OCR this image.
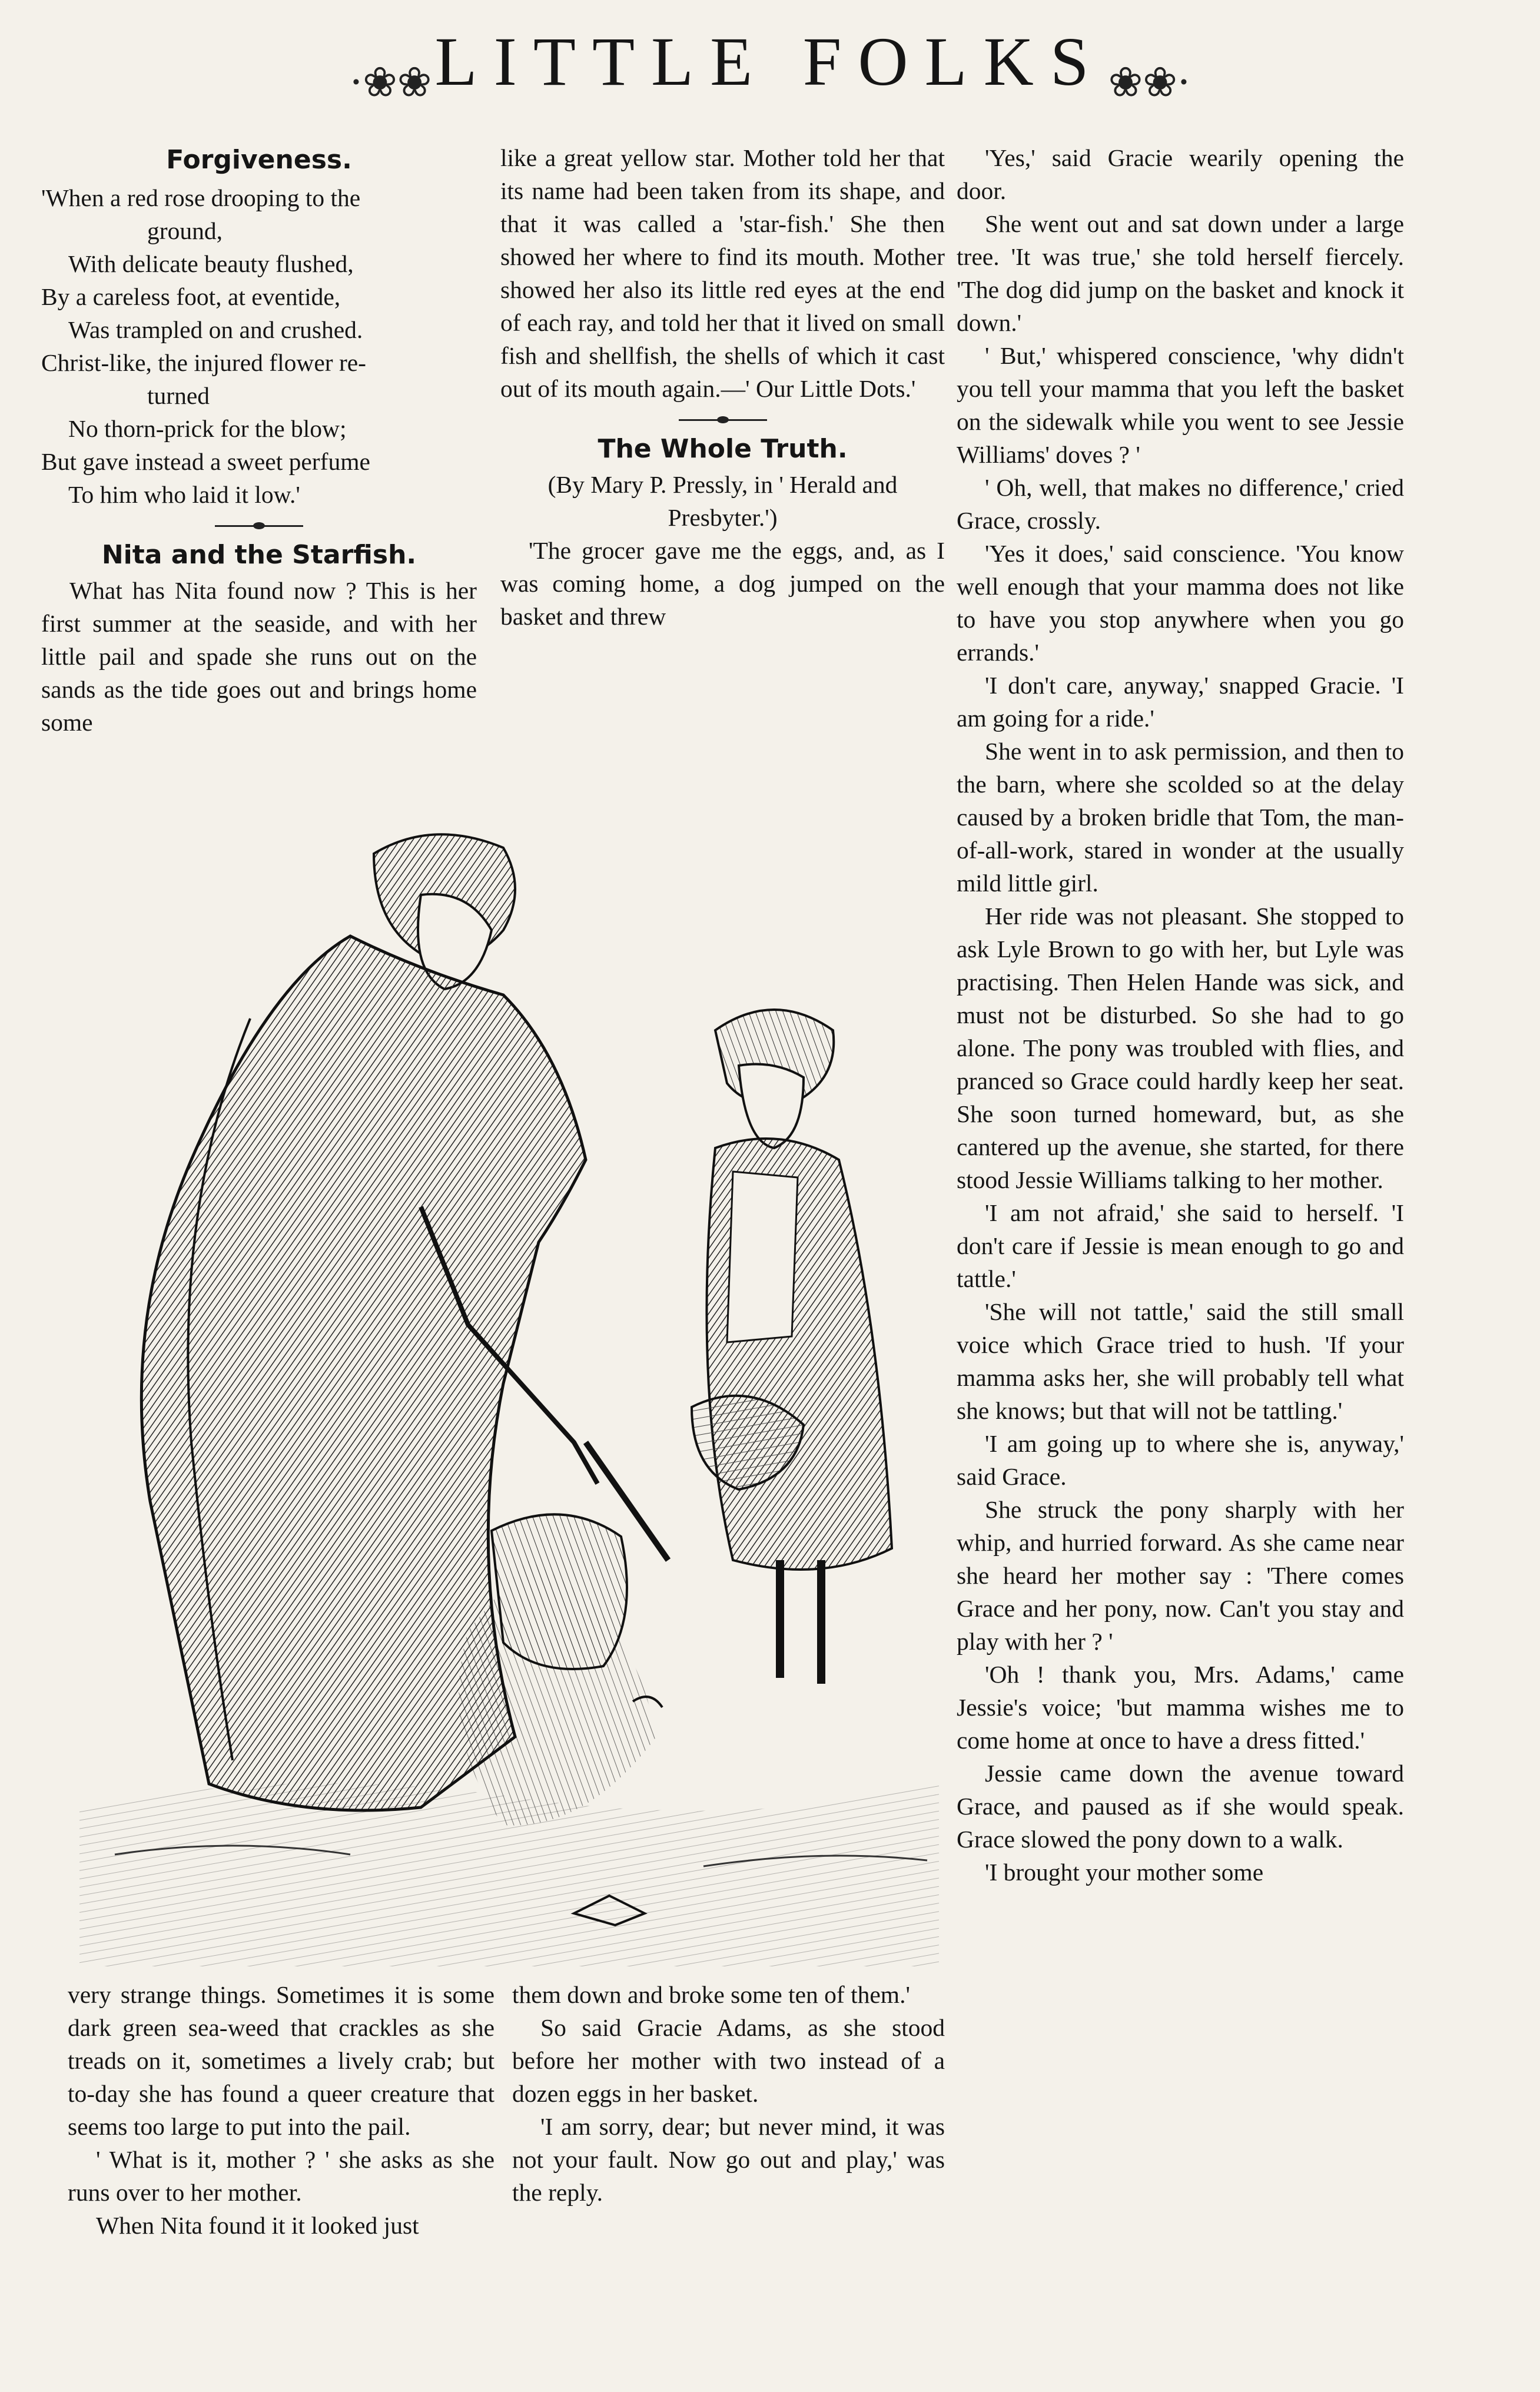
·❀❀ LITTLE FOLKS ❀❀·
Forgiveness.
'When a red rose drooping to the
ground,
With delicate beauty flushed,
By a careless foot, at eventide,
Was trampled on and crushed.
Christ-like, the injured flower re-
turned
No thorn-prick for the blow;
But gave instead a sweet perfume
To him who laid it low.'
Nita and the Starfish.

What has Nita found now ? This is her first summer at the seaside, and with her little pail and spade she runs out on the sands as the tide goes out and brings home some

like a great yellow star. Mother told her that its name had been taken from its shape, and that it was called a 'star-fish.' She then showed her where to find its mouth. Mother showed her also its little red eyes at the end of each ray, and told her that it lived on small fish and shellfish, the shells of which it cast out of its mouth again.—' Our Little Dots.'

The Whole Truth.

(By Mary P. Pressly, in ' Herald and Presbyter.')

'The grocer gave me the eggs, and, as I was coming home, a dog jumped on the basket and threw

very strange things. Sometimes it is some dark green sea-weed that crackles as she treads on it, sometimes a lively crab; but to-day she has found a queer creature that seems too large to put into the pail.

' What is it, mother ? ' she asks as she runs over to her mother.

When Nita found it it looked just

them down and broke some ten of them.'

So said Gracie Adams, as she stood before her mother with two instead of a dozen eggs in her basket.

'I am sorry, dear; but never mind, it was not your fault. Now go out and play,' was the reply.

'Yes,' said Gracie wearily opening the door.

She went out and sat down under a large tree. 'It was true,' she told herself fiercely. 'The dog did jump on the basket and knock it down.'

' But,' whispered conscience, 'why didn't you tell your mamma that you left the basket on the sidewalk while you went to see Jessie Williams' doves ? '

' Oh, well, that makes no difference,' cried Grace, crossly.

'Yes it does,' said conscience. 'You know well enough that your mamma does not like to have you stop anywhere when you go errands.'

'I don't care, anyway,' snapped Gracie. 'I am going for a ride.'

She went in to ask permission, and then to the barn, where she scolded so at the delay caused by a broken bridle that Tom, the man-of-all-work, stared in wonder at the usually mild little girl.

Her ride was not pleasant. She stopped to ask Lyle Brown to go with her, but Lyle was practising. Then Helen Hande was sick, and must not be disturbed. So she had to go alone. The pony was troubled with flies, and pranced so Grace could hardly keep her seat. She soon turned homeward, but, as she cantered up the avenue, she started, for there stood Jessie Williams talking to her mother.

'I am not afraid,' she said to herself. 'I don't care if Jessie is mean enough to go and tattle.'

'She will not tattle,' said the still small voice which Grace tried to hush. 'If your mamma asks her, she will probably tell what she knows; but that will not be tattling.'

'I am going up to where she is, anyway,' said Grace.

She struck the pony sharply with her whip, and hurried forward. As she came near she heard her mother say : 'There comes Grace and her pony, now. Can't you stay and play with her ? '

'Oh ! thank you, Mrs. Adams,' came Jessie's voice; 'but mamma wishes me to come home at once to have a dress fitted.'

Jessie came down the avenue toward Grace, and paused as if she would speak. Grace slowed the pony down to a walk.

'I brought your mother some
